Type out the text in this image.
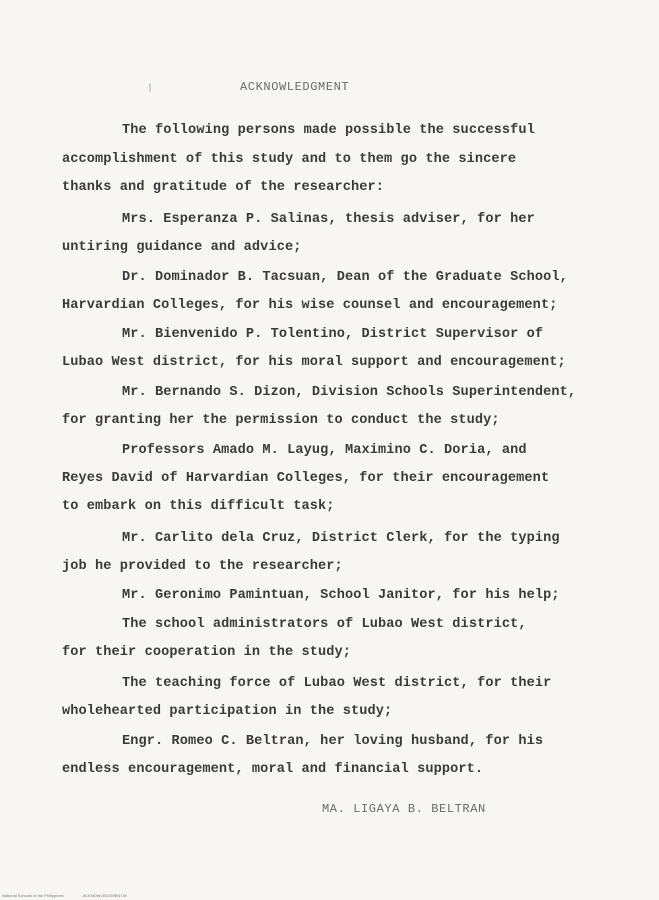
/	ACKNOWLEDGMENT
The following persons made possible the successful
accomplishment of this study and to them go the sincere
thanks and gratitude of the researcher:
Mrs. Esperanza P. Salinas, thesis adviser, for her
untiring guidance and advice;
Dr. Dominador B. Tacsuan, Dean of the Graduate School,
Harvardian Colleges, for his wise counsel and encouragement;
Mr. Bienvenido P. Tolentino, District Supervisor of
Lubao West district, for his moral support and encouragement;
Mr. Bernando S. Dizon, Division Schools Superintendent,
for granting her the permission to conduct the study;
Professors Amado M. Layug, Maximino C. Doria, and
Reyes David of Harvardian Colleges, for their encouragement
to embark on this difficult task;
Mr. Carlito dela Cruz, District Clerk, for the typing
job he provided to the researcher;
Mr. Geronimo Pamintuan, School Janitor, for his help;
The school administrators of Lubao West district,
for their cooperation in the study;
The teaching force of Lubao West district, for their
wholehearted participation in the study;
Engr. Romeo C. Beltran, her loving husband, for his
endless encouragement, moral and financial support.
MA. LIGAYA B. BELTRAN
National Schools of the Philippines	ACKNOWLEDGMENT.tif
